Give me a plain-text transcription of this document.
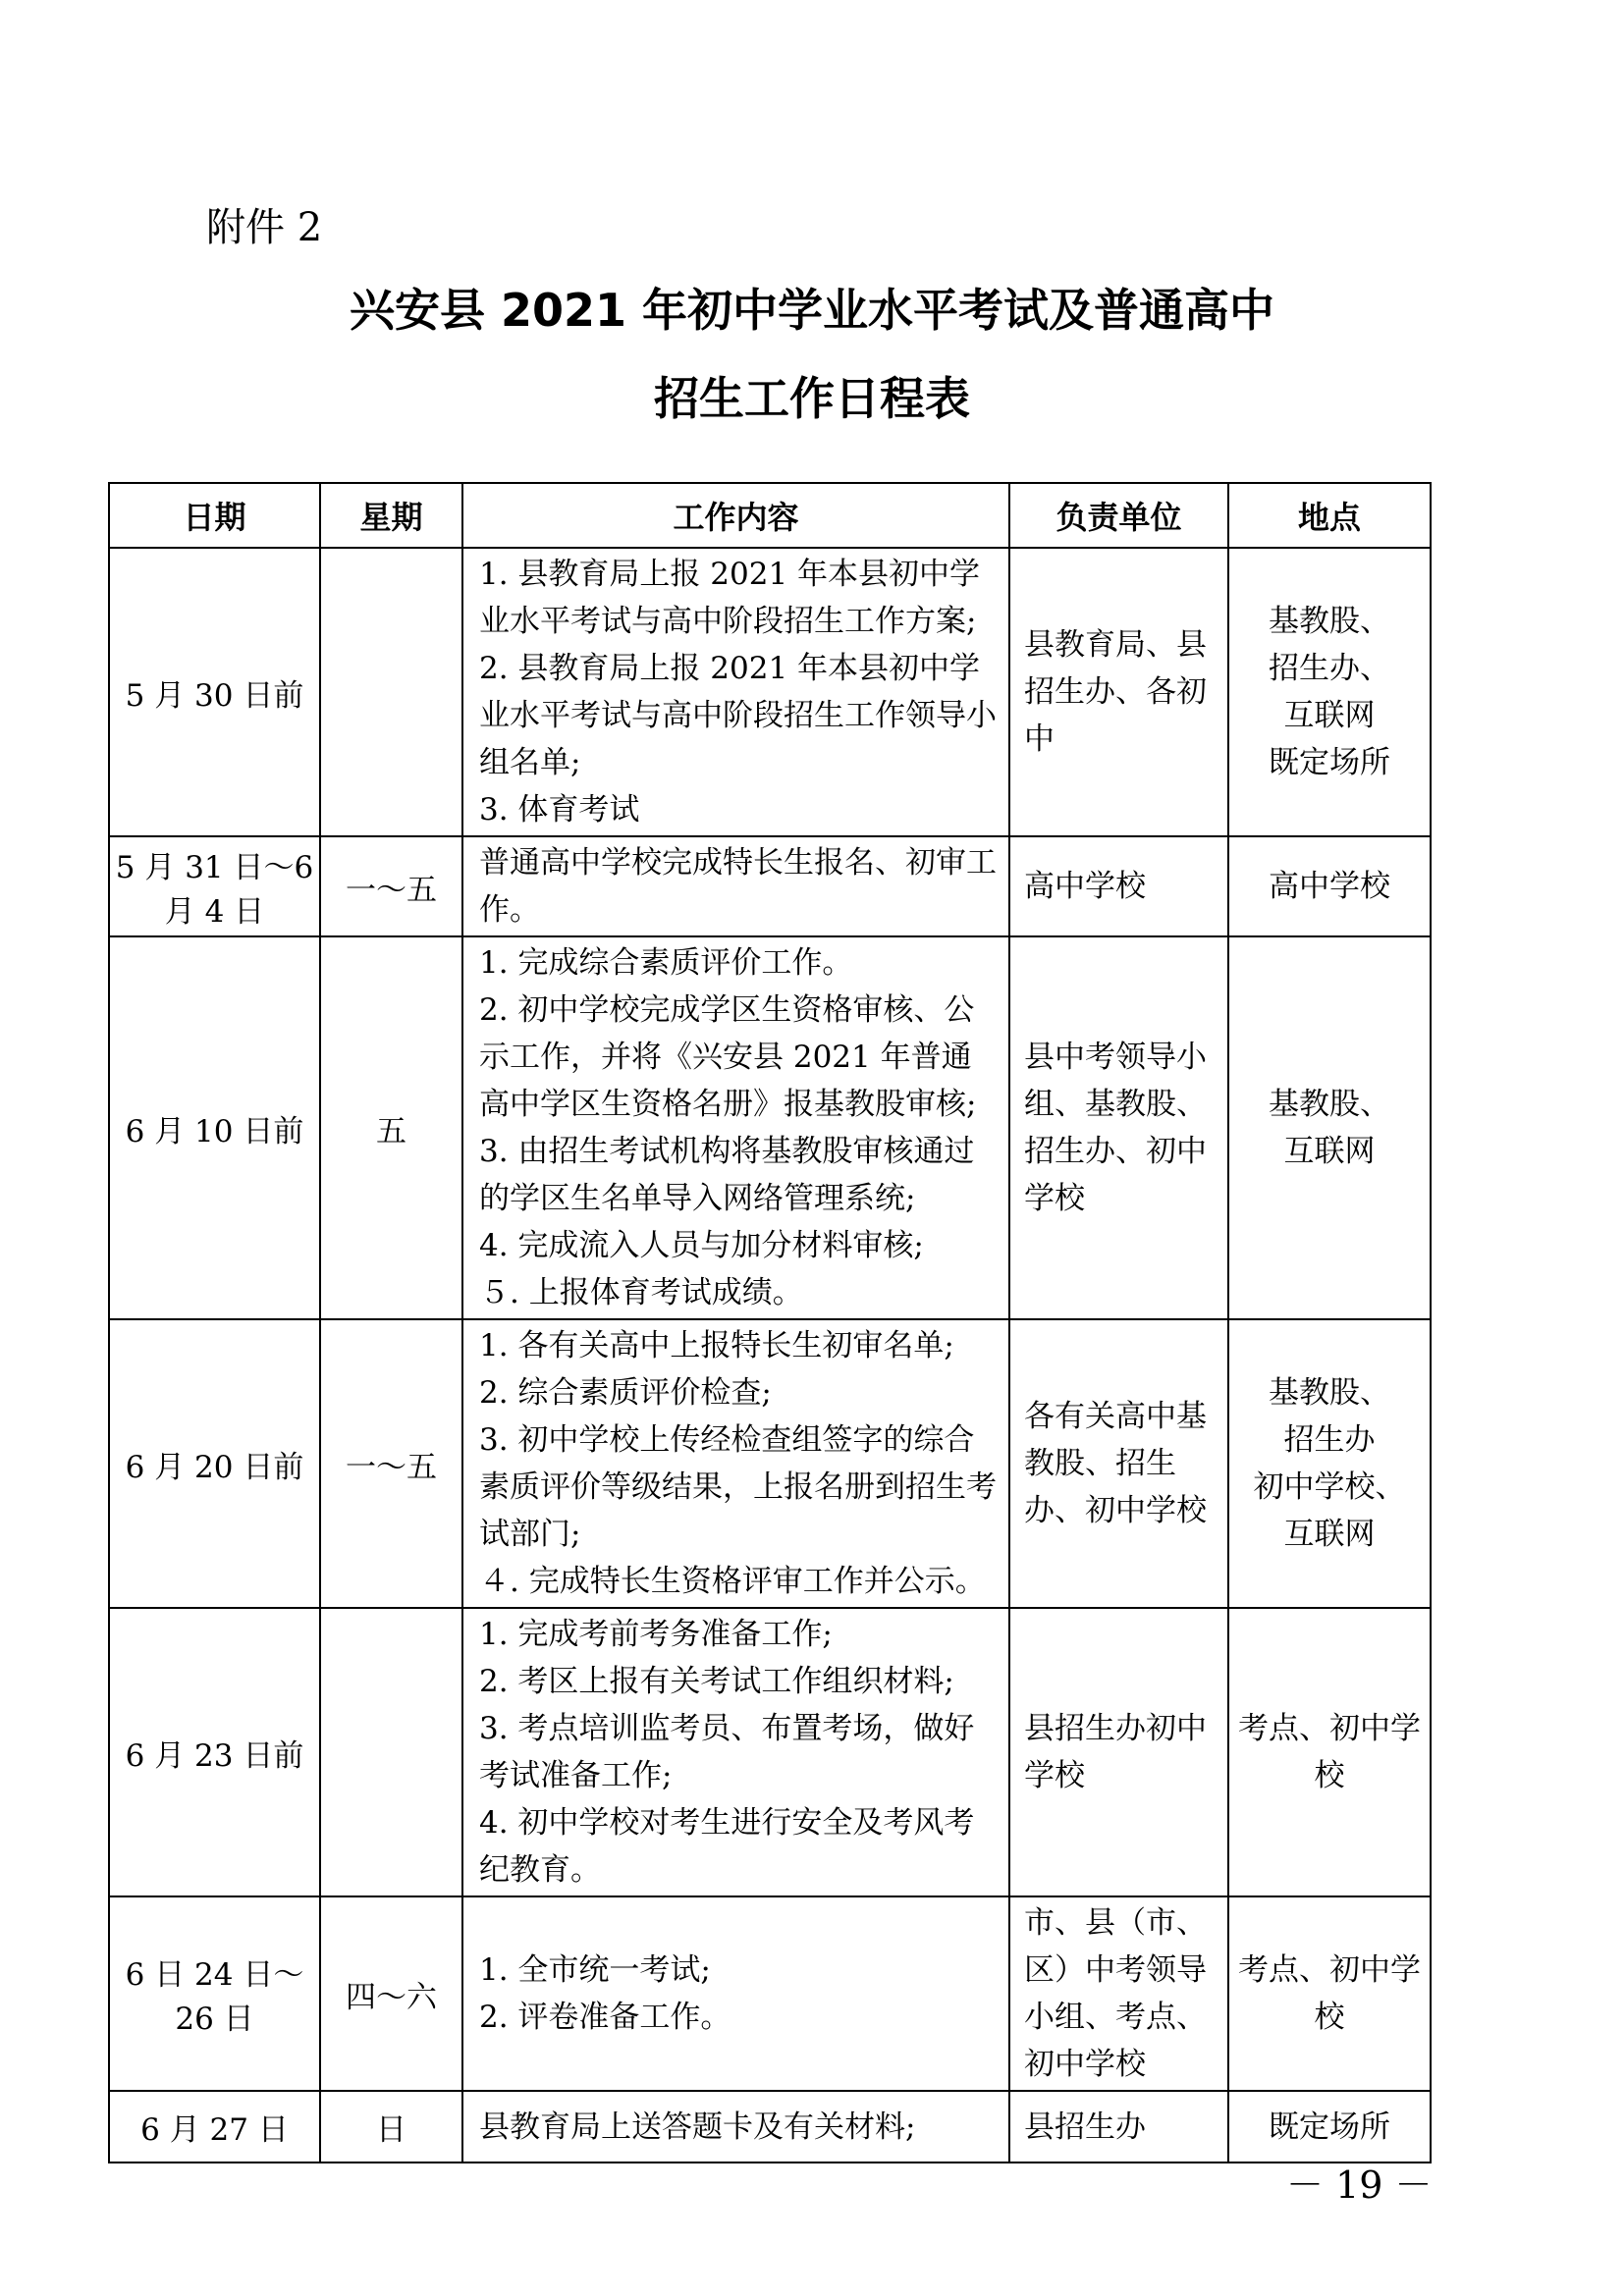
附件 2
兴安县 2021 年初中学业水平考试及普通高中
招生工作日程表
日期	星期	工作内容	负责单位	地点
5 月 30 日前		1. 县教育局上报 2021 年本县初中学业水平考试与高中阶段招生工作方案;
2. 县教育局上报 2021 年本县初中学业水平考试与高中阶段招生工作领导小组名单;
3. 体育考试	县教育局、县招生办、各初中	基教股、
招生办、
互联网
既定场所

5 月 31 日～6 月 4 日	一～五	普通高中学校完成特长生报名、初审工作。	高中学校	高中学校

6 月 10 日前	五	1. 完成综合素质评价工作。
2. 初中学校完成学区生资格审核、公示工作，并将《兴安县 2021 年普通高中学区生资格名册》报基教股审核;
3. 由招生考试机构将基教股审核通过的学区生名单导入网络管理系统;
4. 完成流入人员与加分材料审核;
５. 上报体育考试成绩。	县中考领导小组、基教股、招生办、初中学校	基教股、
互联网

6 月 20 日前	一～五	1. 各有关高中上报特长生初审名单;
2. 综合素质评价检查;
3. 初中学校上传经检查组签字的综合素质评价等级结果，上报名册到招生考试部门;
４. 完成特长生资格评审工作并公示。	各有关高中基教股、招生办、初中学校	基教股、
招生办
初中学校、
互联网

6 月 23 日前		1. 完成考前考务准备工作;
2. 考区上报有关考试工作组织材料;
3. 考点培训监考员、布置考场，做好考试准备工作;
4. 初中学校对考生进行安全及考风考纪教育。	县招生办初中学校	考点、初中学校

6 日 24 日～26 日	四～六	1. 全市统一考试;
2. 评卷准备工作。	市、县（市、区）中考领导小组、考点、初中学校	考点、初中学校

6 月 27 日	日	县教育局上送答题卡及有关材料;	县招生办	既定场所
－ 19 －
